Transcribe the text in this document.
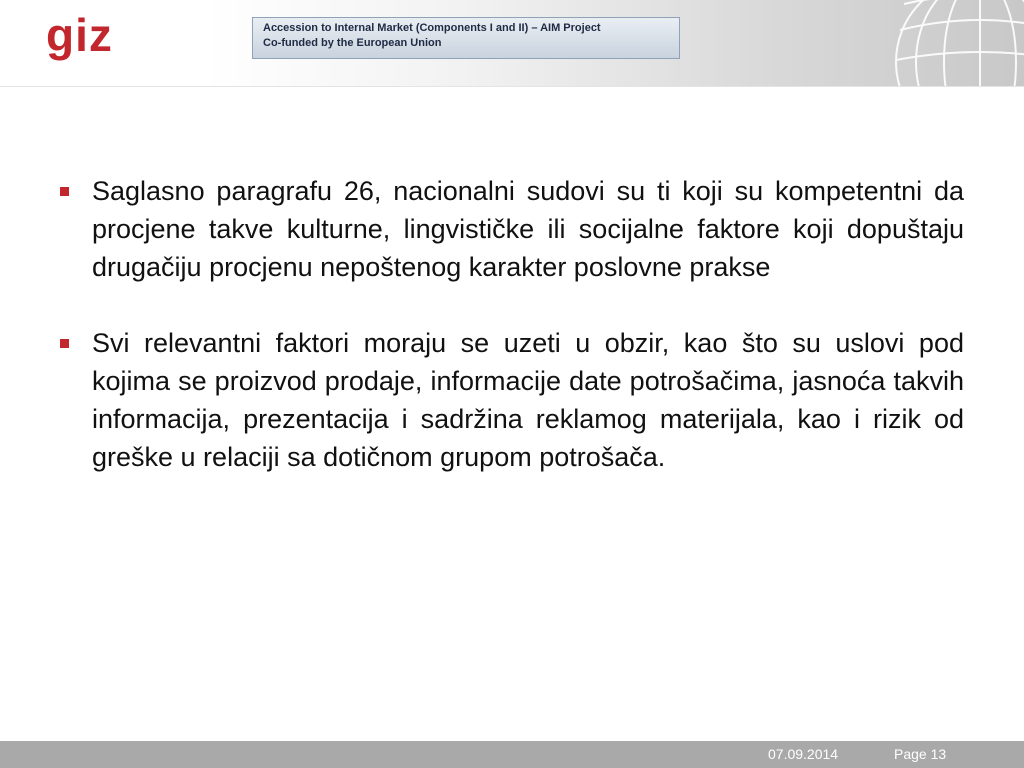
giz	Accession to Internal Market (Components I and II) – AIM Project
Co-funded by the European Union
Saglasno paragrafu 26, nacionalni sudovi su ti koji su kompetentni da procjene takve kulturne, lingvističke ili socijalne faktore koji dopuštaju drugačiju procjenu nepoštenog karakter poslovne prakse
Svi relevantni faktori moraju se uzeti u obzir, kao što su uslovi pod kojima se proizvod prodaje, informacije date potrošačima, jasnoća takvih informacija, prezentacija i sadržina reklamog materijala, kao i rizik od greške u relaciji sa dotičnom grupom potrošača.
07.09.2014	Page 13
